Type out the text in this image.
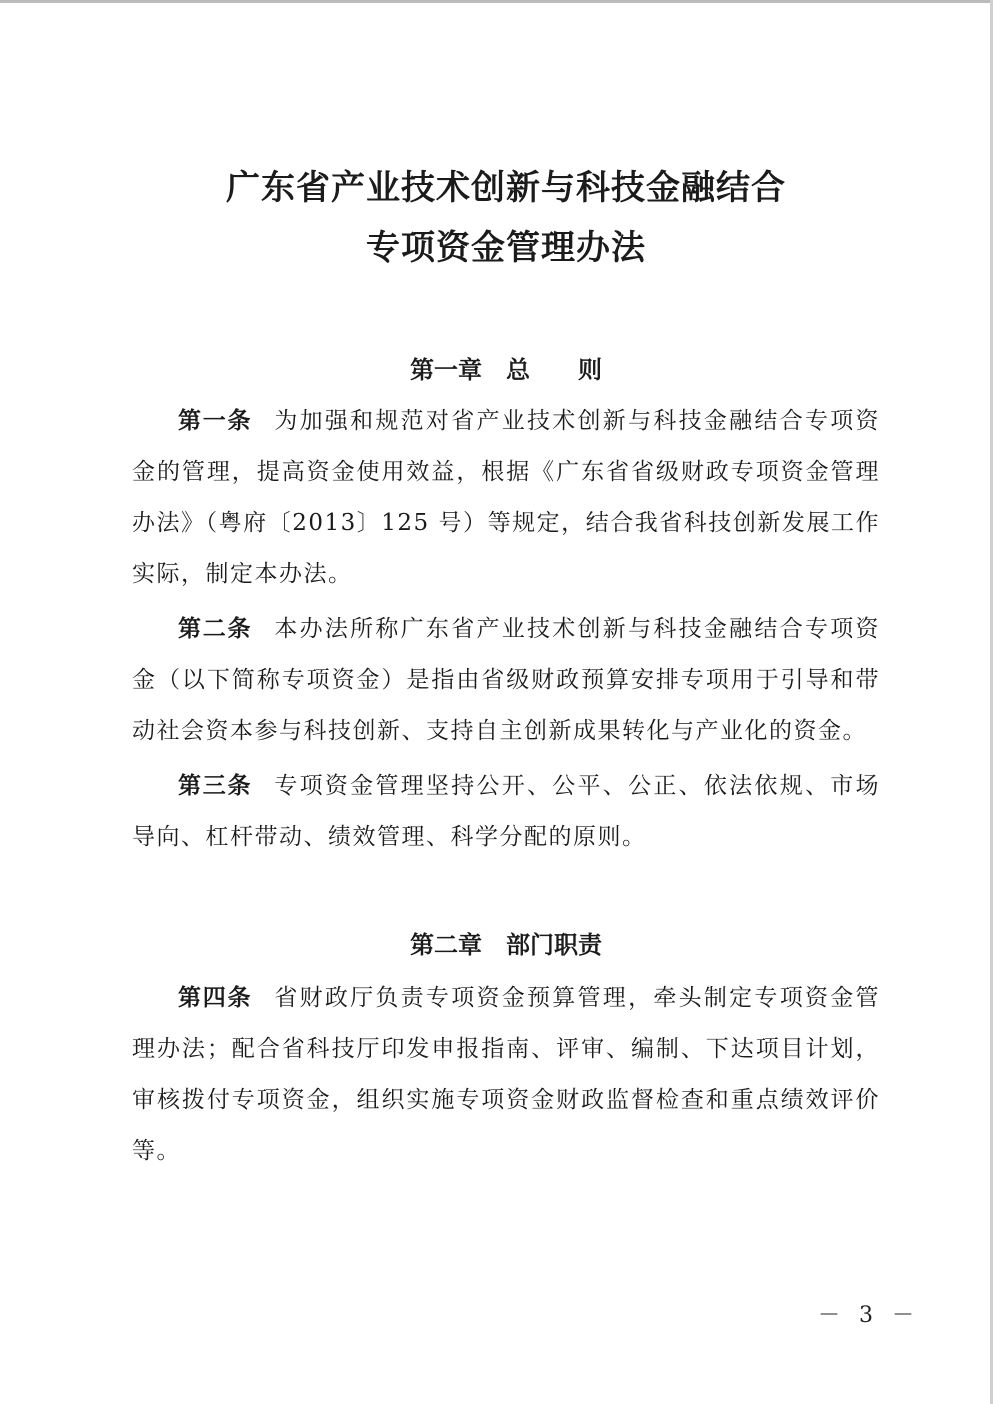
广东省产业技术创新与科技金融结合
专项资金管理办法
第一章　总　　则

第一条 为加强和规范对省产业技术创新与科技金融结合专项资金的管理，提高资金使用效益，根据《广东省省级财政专项资金管理办法》（粤府〔2013〕125 号）等规定，结合我省科技创新发展工作实际，制定本办法。

第二条 本办法所称广东省产业技术创新与科技金融结合专项资金（以下简称专项资金）是指由省级财政预算安排专项用于引导和带动社会资本参与科技创新、支持自主创新成果转化与产业化的资金。

第三条 专项资金管理坚持公开、公平、公正、依法依规、市场导向、杠杆带动、绩效管理、科学分配的原则。

第二章　部门职责

第四条 省财政厅负责专项资金预算管理，牵头制定专项资金管理办法；配合省科技厅印发申报指南、评审、编制、下达项目计划，审核拨付专项资金，组织实施专项资金财政监督检查和重点绩效评价等。

－ 3 －
